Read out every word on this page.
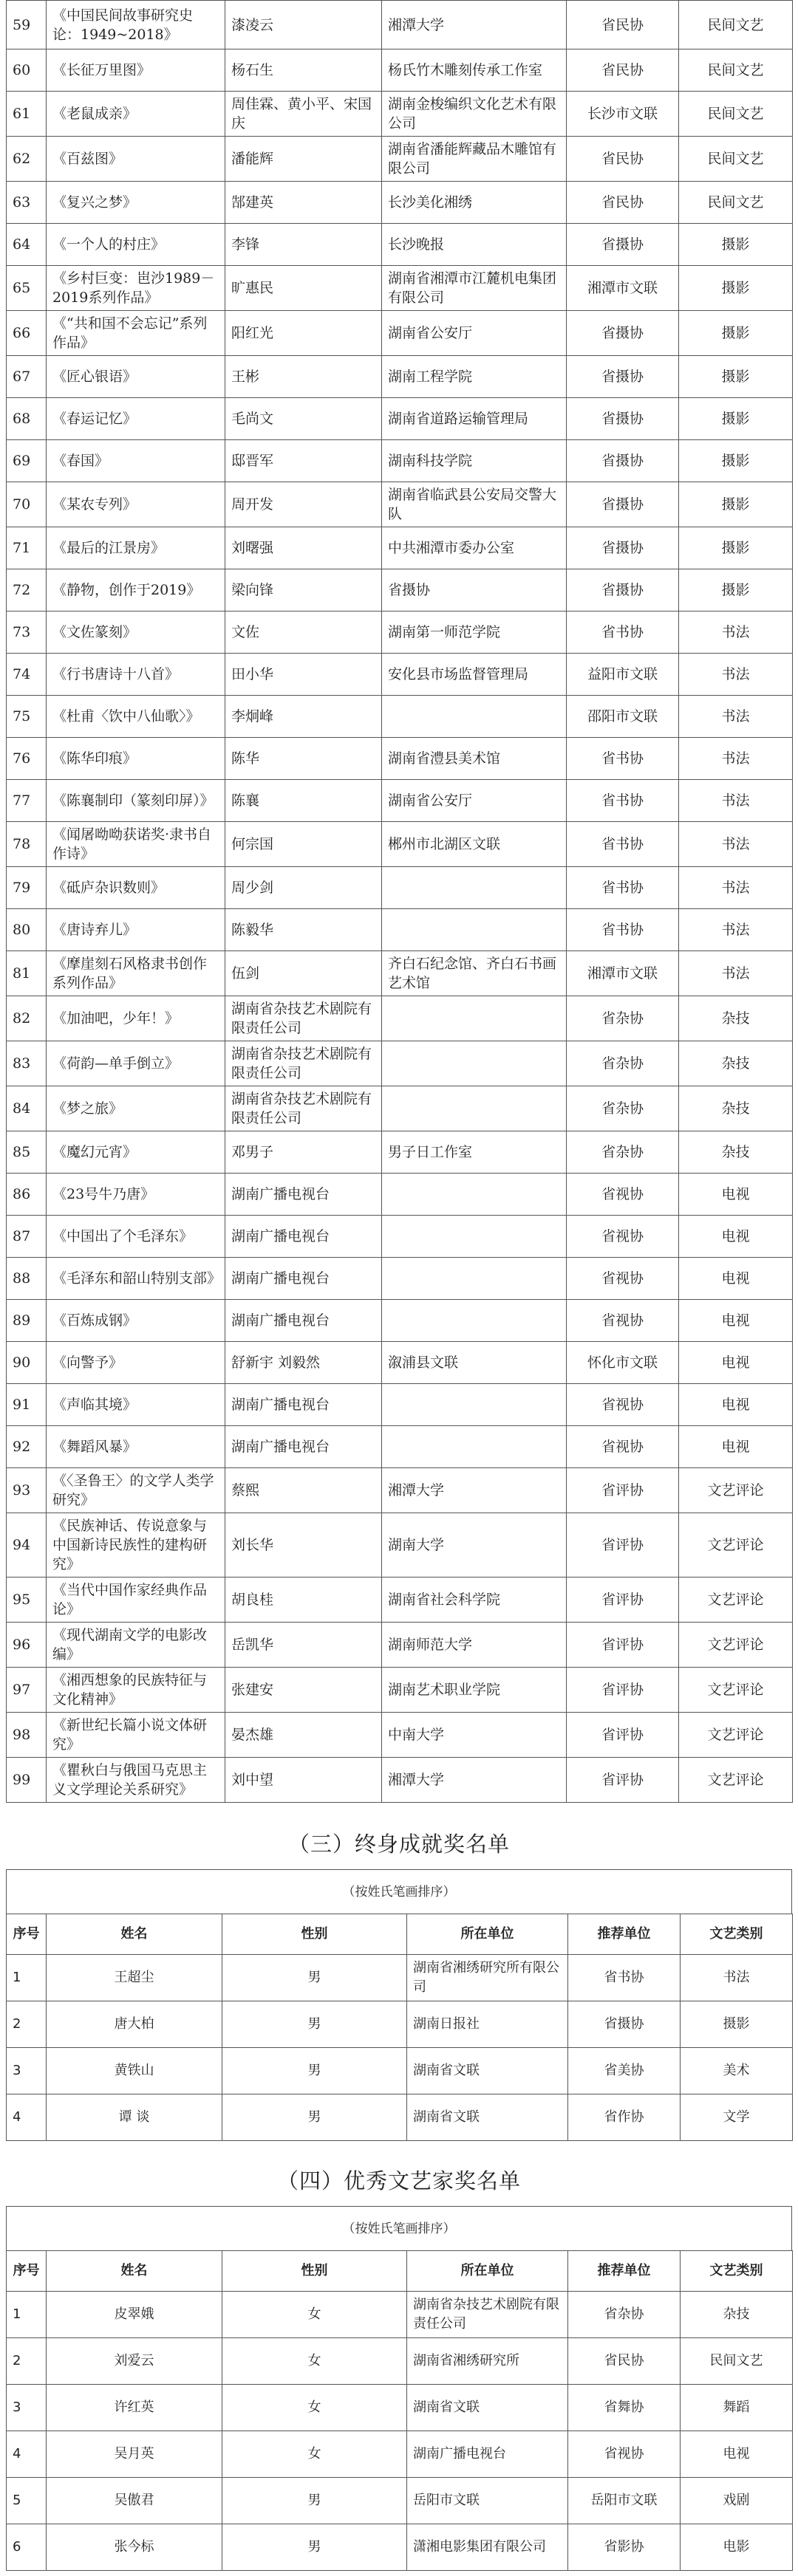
59	《中国民间故事研究史论：1949~2018》	漆凌云	湘潭大学	省民协	民间文艺
60	《长征万里图》	杨石生	杨氏竹木雕刻传承工作室	省民协	民间文艺
61	《老鼠成亲》	周佳霖、黄小平、宋国庆	湖南金梭编织文化艺术有限公司	长沙市文联	民间文艺
62	《百兹图》	潘能辉	湖南省潘能辉藏品木雕馆有限公司	省民协	民间文艺
63	《复兴之梦》	郜建英	长沙美化湘绣	省民协	民间文艺
64	《一个人的村庄》	李锋	长沙晚报	省摄协	摄影
65	《乡村巨变：岜沙1989－2019系列作品》	旷惠民	湖南省湘潭市江麓机电集团有限公司	湘潭市文联	摄影
66	《“共和国不会忘记”系列作品》	阳红光	湖南省公安厅	省摄协	摄影
67	《匠心银语》	王彬	湖南工程学院	省摄协	摄影
68	《春运记忆》	毛尚文	湖南省道路运输管理局	省摄协	摄影
69	《春国》	邸晋军	湖南科技学院	省摄协	摄影
70	《某农专列》	周开发	湖南省临武县公安局交警大队	省摄协	摄影
71	《最后的江景房》	刘曙强	中共湘潭市委办公室	省摄协	摄影
72	《静物，创作于2019》	梁向锋	省摄协	省摄协	摄影
73	《文佐篆刻》	文佐	湖南第一师范学院	省书协	书法
74	《行书唐诗十八首》	田小华	安化县市场监督管理局	益阳市文联	书法
75	《杜甫〈饮中八仙歌〉》	李炯峰		邵阳市文联	书法
76	《陈华印痕》	陈华	湖南省澧县美术馆	省书协	书法
77	《陈襄制印（篆刻印屏）》	陈襄	湖南省公安厅	省书协	书法
78	《闻屠呦呦获诺奖·隶书自作诗》	何宗国	郴州市北湖区文联	省书协	书法
79	《砥庐杂识数则》	周少剑		省书协	书法
80	《唐诗弃儿》	陈毅华		省书协	书法
81	《摩崖刻石风格隶书创作系列作品》	伍剑	齐白石纪念馆、齐白石书画艺术馆	湘潭市文联	书法
82	《加油吧，少年！》	湖南省杂技艺术剧院有限责任公司		省杂协	杂技
83	《荷韵—单手倒立》	湖南省杂技艺术剧院有限责任公司		省杂协	杂技
84	《梦之旅》	湖南省杂技艺术剧院有限责任公司		省杂协	杂技
85	《魔幻元宵》	邓男子	男子日工作室	省杂协	杂技
86	《23号牛乃唐》	湖南广播电视台		省视协	电视
87	《中国出了个毛泽东》	湖南广播电视台		省视协	电视
88	《毛泽东和韶山特别支部》	湖南广播电视台		省视协	电视
89	《百炼成钢》	湖南广播电视台		省视协	电视
90	《向警予》	舒新宇 刘毅然	溆浦县文联	怀化市文联	电视
91	《声临其境》	湖南广播电视台		省视协	电视
92	《舞蹈风暴》	湖南广播电视台		省视协	电视
93	《〈圣鲁王〉的文学人类学研究》	蔡熙	湘潭大学	省评协	文艺评论
94	《民族神话、传说意象与中国新诗民族性的建构研究》	刘长华	湖南大学	省评协	文艺评论
95	《当代中国作家经典作品论》	胡良桂	湖南省社会科学院	省评协	文艺评论
96	《现代湖南文学的电影改编》	岳凯华	湖南师范大学	省评协	文艺评论
97	《湘西想象的民族特征与文化精神》	张建安	湖南艺术职业学院	省评协	文艺评论
98	《新世纪长篇小说文体研究》	晏杰雄	中南大学	省评协	文艺评论
99	《瞿秋白与俄国马克思主义文学理论关系研究》	刘中望	湘潭大学	省评协	文艺评论
（三）终身成就奖名单
（按姓氏笔画排序）
序号	姓名	性别	所在单位	推荐单位	文艺类别
1	王超尘	男	湖南省湘绣研究所有限公司	省书协	书法
2	唐大柏	男	湖南日报社	省摄协	摄影
3	黄铁山	男	湖南省文联	省美协	美术
4	谭 谈	男	湖南省文联	省作协	文学
（四）优秀文艺家奖名单
（按姓氏笔画排序）
序号	姓名	性别	所在单位	推荐单位	文艺类别
1	皮翠娥	女	湖南省杂技艺术剧院有限责任公司	省杂协	杂技
2	刘爱云	女	湖南省湘绣研究所	省民协	民间文艺
3	许红英	女	湖南省文联	省舞协	舞蹈
4	吴月英	女	湖南广播电视台	省视协	电视
5	吴傲君	男	岳阳市文联	岳阳市文联	戏剧
6	张今标	男	潇湘电影集团有限公司	省影协	电影
